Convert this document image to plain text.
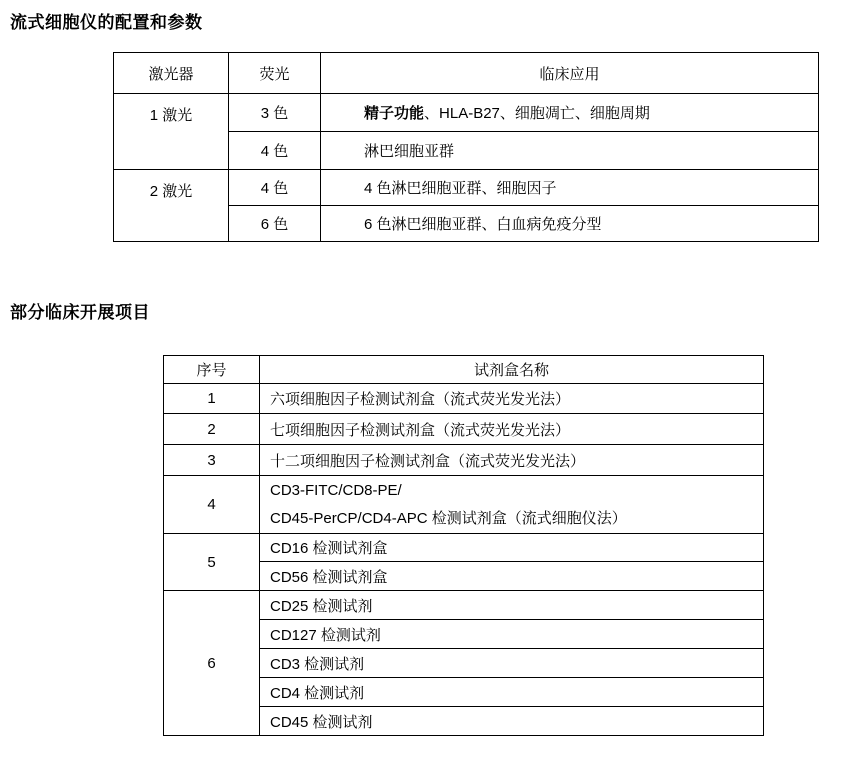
流式细胞仪的配置和参数
激光器	荧光	临床应用
1 激光	3 色	精子功能、HLA-B27、细胞凋亡、细胞周期
	4 色	淋巴细胞亚群
2 激光	4 色	4 色淋巴细胞亚群、细胞因子
	6 色	6 色淋巴细胞亚群、白血病免疫分型
部分临床开展项目
序号	试剂盒名称
1	六项细胞因子检测试剂盒（流式荧光发光法）
2	七项细胞因子检测试剂盒（流式荧光发光法）
3	十二项细胞因子检测试剂盒（流式荧光发光法）
4	CD3-FITC/CD8-PE/
CD45-PerCP/CD4-APC 检测试剂盒（流式细胞仪法）

5	CD16 检测试剂盒
	CD56 检测试剂盒
6	CD25 检测试剂
	CD127 检测试剂
	CD3 检测试剂
	CD4 检测试剂
	CD45 检测试剂
